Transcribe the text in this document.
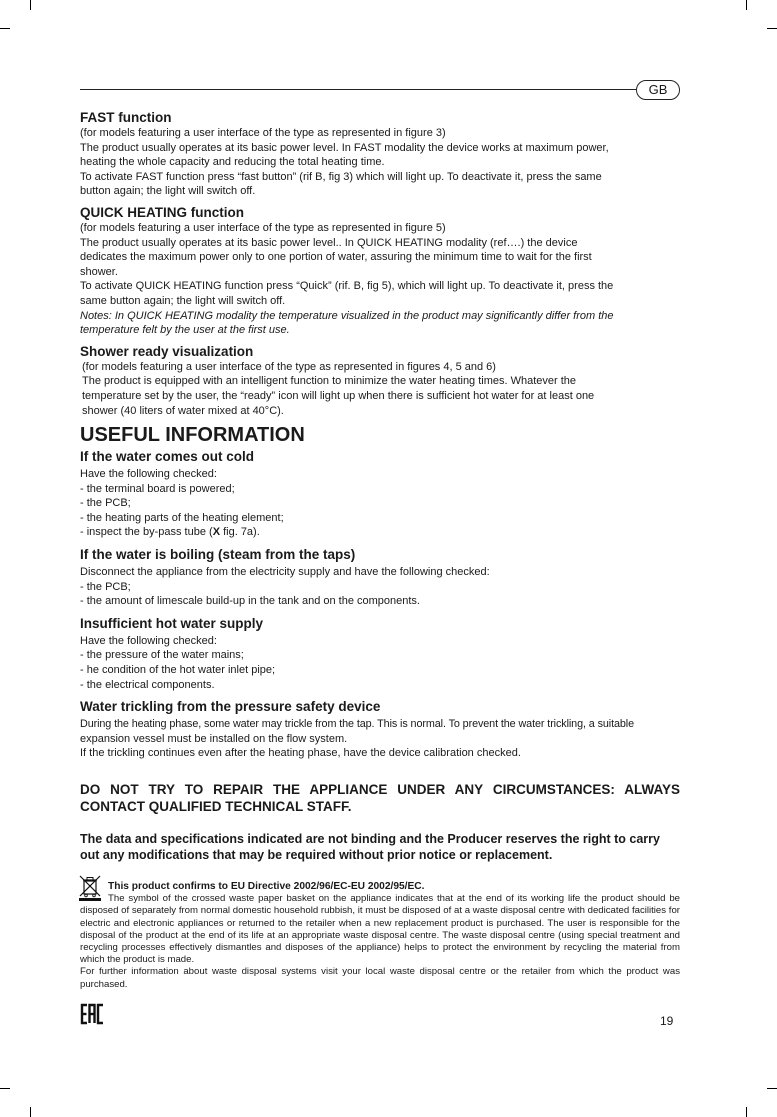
GB
FAST function

(for models featuring a user interface of the type as represented in figure 3)

The product usually operates at its basic power level. In FAST modality the device works at maximum power,

heating the whole capacity and reducing the total heating time.

To activate FAST function press “fast button” (rif B, fig 3) which will light up. To deactivate it, press the same

button again; the light will switch off.

QUICK HEATING function

(for models featuring a user interface of the type as represented in figure 5)

The product usually operates at its basic power level.. In QUICK HEATING modality (ref….) the device

dedicates the maximum power only to one portion of water, assuring the minimum time to wait for the first

shower.

To activate QUICK HEATING function press “Quick” (rif. B, fig 5), which will light up. To deactivate it, press the

same button again; the light will switch off.

Notes: In QUICK HEATING modality the temperature visualized in the product may significantly differ from the

temperature felt by the user at the first use.

Shower ready visualization

(for models featuring a user interface of the type as represented in figures 4, 5 and 6)

The product is equipped with an intelligent function to minimize the water heating times. Whatever the

temperature set by the user, the “ready” icon will light up when there is sufficient hot water for at least one

shower (40 liters of water mixed at 40°C).

USEFUL INFORMATION
If the water comes out cold

Have the following checked:

- the terminal board is powered;

- the PCB;

- the heating parts of the heating element;

- inspect the by-pass tube (X fig. 7a).

If the water is boiling (steam from the taps)

Disconnect the appliance from the electricity supply and have the following checked:

- the PCB;

- the amount of limescale build-up in the tank and on the components.

Insufficient hot water supply

Have the following checked:

- the pressure of the water mains;

- he condition of the hot water inlet pipe;

- the electrical components.

Water trickling from the pressure safety device

During the heating phase, some water may trickle from the tap. This is normal. To prevent the water trickling, a suitable

expansion vessel must be installed on the flow system.

If the trickling continues even after the heating phase, have the device calibration checked.

DO NOT TRY TO REPAIR THE APPLIANCE UNDER ANY CIRCUMSTANCES: ALWAYS CONTACT QUALIFIED TECHNICAL STAFF.

The data and specifications indicated are not binding and the Producer reserves the right to carry out any modifications that may be required without prior notice or replacement.

This product confirms to EU Directive 2002/96/EC-EU 2002/95/EC.

The symbol of the crossed waste paper basket on the appliance indicates that at the end of its working life the product should be disposed of separately from normal domestic household rubbish, it must be disposed of at a waste disposal centre with dedicated facilities for electric and electronic appliances or returned to the retailer when a new replacement product is purchased. The user is responsible for the disposal of the product at the end of its life at an appropriate waste disposal centre. The waste disposal centre (using special treatment and recycling processes effectively dismantles and disposes of the appliance) helps to protect the environment by recycling the material from which the product is made.

For further information about waste disposal systems visit your local waste disposal centre or the retailer from which the product was purchased.

19
